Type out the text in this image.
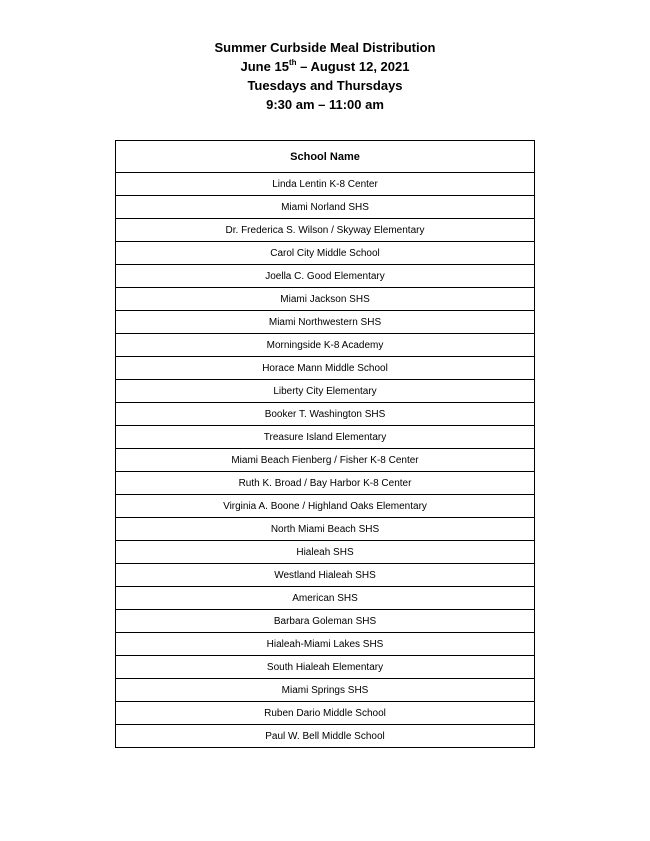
Summer Curbside Meal Distribution
June 15th – August 12, 2021
Tuesdays and Thursdays
9:30 am – 11:00 am
School Name
Linda Lentin K-8 Center
Miami Norland SHS
Dr. Frederica S. Wilson / Skyway Elementary
Carol City Middle School
Joella C. Good Elementary
Miami Jackson SHS
Miami Northwestern SHS
Morningside K-8 Academy
Horace Mann Middle School
Liberty City Elementary
Booker T. Washington SHS
Treasure Island Elementary
Miami Beach Fienberg / Fisher K-8 Center
Ruth K. Broad / Bay Harbor K-8 Center
Virginia A. Boone / Highland Oaks Elementary
North Miami Beach SHS
Hialeah SHS
Westland Hialeah SHS
American SHS
Barbara Goleman SHS
Hialeah-Miami Lakes SHS
South Hialeah Elementary
Miami Springs SHS
Ruben Dario Middle School
Paul W. Bell Middle School
